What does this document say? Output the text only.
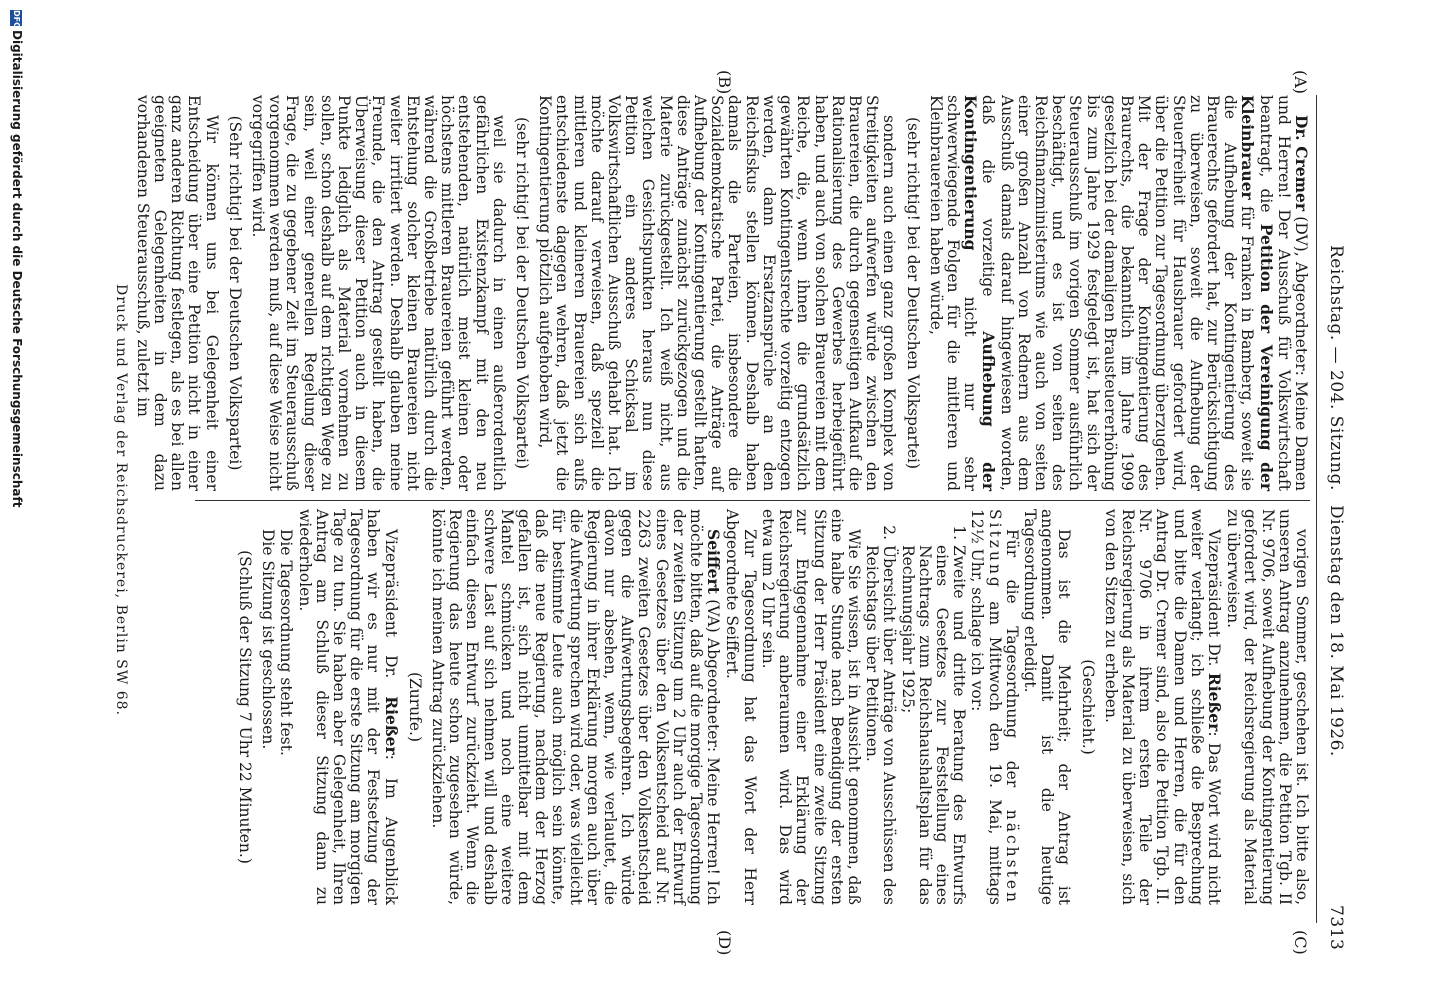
Reichstag. — 204. Sitzung.
Dienstag den 18. Mai 1926.
7313
(A)
(B)
(C)
(D)

Dr. Cremer (DV), Abgeordneter: Meine Damen und Herren! Der Ausschuß für Volkswirtschaft beantragt, die Petition der Vereinigung der Kleinbrauer für Franken in Bamberg, soweit sie die Aufhebung der Kontingentierung des Brauerechts gefordert hat, zur Berücksichtigung zu überweisen, soweit die Aufhebung der Steuerfreiheit für Hausbrauer gefordert wird, über die Petition zur Tagesordnung überzugehen. Mit der Frage der Kontingentierung des Braurechts, die bekanntlich im Jahre 1909 gesetzlich bei der damaligen Brausteuererhöhung bis zum Jahre 1929 festgelegt ist, hat sich der Steuerausschuß im vorigen Sommer ausführlich beschäftigt, und es ist von seiten des Reichsfinanzministeriums wie auch von seiten einer großen Anzahl von Rednern aus dem Ausschuß damals darauf hingewiesen worden, daß die vorzeitige Aufhebung der Kontingentierung nicht nur sehr schwerwiegende Folgen für die mittleren und Kleinbrauereien haben würde,

(sehr richtig! bei der Deutschen Volkspartei)

sondern auch einen ganz großen Komplex von Streitigkeiten aufwerfen würde zwischen den Brauereien, die durch gegenseitigen Aufkauf die Rationalisierung des Gewerbes herbeigeführt haben, und auch von solchen Brauereien mit dem Reiche, die, wenn ihnen die grundsätzlich gewährten Kontingentsrechte vorzeitig entzogen werden, dann Ersatzansprüche an den Reichsfiskus stellen können. Deshalb haben damals die Parteien, insbesondere die Sozialdemokratische Partei, die Anträge auf Aufhebung der Kontingentierung gestellt hatten, diese Anträge zunächst zurückgezogen und die Materie zurückgestellt. Ich weiß nicht, aus welchen Gesichtspunkten heraus nun diese Petition ein anderes Schicksal im Volkswirtschaftlichen Ausschuß gehabt hat. Ich möchte darauf verweisen, daß speziell die mittleren und kleineren Brauereien sich aufs entschiedenste dagegen wehren, daß jetzt die Kontingentierung plötzlich aufgehoben wird,

(sehr richtig! bei der Deutschen Volkspartei)

weil sie dadurch in einen außerordentlich gefährlichen Existenzkampf mit den neu entstehenden, natürlich meist kleinen oder höchstens mittleren Brauereien geführt werden, während die Großbetriebe natürlich durch die Entstehung solcher kleinen Brauereien nicht weiter irritiert werden. Deshalb glauben meine Freunde, die den Antrag gestellt haben, die Überweisung dieser Petition auch in diesem Punkte lediglich als Material vornehmen zu sollen, schon deshalb auf dem richtigen Wege zu sein, weil einer generellen Regelung dieser Frage, die zu gegebener Zeit im Steuerausschuß vorgenommen werden muß, auf diese Weise nicht vorgegriffen wird.

(Sehr richtig! bei der Deutschen Volkspartei)

Wir können uns bei Gelegenheit einer Entscheidung über eine Petition nicht in einer ganz anderen Richtung festlegen, als es bei allen geeigneten Gelegenheiten in dem dazu vorhandenen Steuerausschuß, zuletzt im

vorigen Sommer, geschehen ist. Ich bitte also, unseren Antrag anzunehmen, die Petition Tgb. II Nr. 9706, soweit Aufhebung der Kontingentierung gefordert wird, der Reichsregierung als Material zu überweisen.

Vizepräsident Dr. Rießer: Das Wort wird nicht weiter verlangt; ich schließe die Besprechung und bitte die Damen und Herren, die für den Antrag Dr. Cremer sind, also die Petition Tgb. II. Nr. 9706 in ihrem ersten Teile der Reichsregierung als Material zu überweisen, sich von den Sitzen zu erheben.

(Geschieht.)

Das ist die Mehrheit; der Antrag ist angenommen. Damit ist die heutige Tagesordnung erledigt.

Für die Tagesordnung der nächsten Sitzung am Mittwoch den 19. Mai, mittags 12½ Uhr, schlage ich vor:

1. Zweite und dritte Beratung des Entwurfs eines Gesetzes zur Feststellung eines Nachtrags zum Reichshaushaltsplan für das Rechnungsjahr 1925;
2. Übersicht über Anträge von Ausschüssen des Reichstags über Petitionen.

Wie Sie wissen, ist in Aussicht genommen, daß eine halbe Stunde nach Beendigung der ersten Sitzung der Herr Präsident eine zweite Sitzung zur Entgegennahme einer Erklärung der Reichsregierung anberaumen wird. Das wird etwa um 2 Uhr sein.

Zur Tagesordnung hat das Wort der Herr Abgeordnete Seiffert.

Seiffert (VA) Abgeordneter: Meine Herren! Ich möchte bitten, daß auf die morgige Tagesordnung der zweiten Sitzung um 2 Uhr auch der Entwurf eines Gesetzes über den Volksentscheid auf Nr. 2263 zweiten Gesetzes über den Volksentscheid gegen die Aufwertungsbegehren. Ich würde davon nur absehen, wenn, wie verlautet, die Regierung in ihrer Erklärung morgen auch über die Aufwertung sprechen wird oder, was vielleicht für bestimmte Leute auch möglich sein könnte, daß die neue Regierung, nachdem der Herzog gefallen ist, sich nicht unmittelbar mit dem Mantel schmücken und noch eine weitere schwere Last auf sich nehmen will und deshalb einfach diesen Entwurf zurückzieht. Wenn die Regierung das heute schon zugesehen würde, könnte ich meinen Antrag zurückziehen.

(Zurufe.)

Vizepräsident Dr. Rießer: Im Augenblick haben wir es nur mit der Festsetzung der Tagesordnung für die erste Sitzung am morgigen Tage zu tun. Sie haben aber Gelegenheit, Ihren Antrag am Schluß dieser Sitzung dann zu wiederholen.

Die Tagesordnung steht fest.

Die Sitzung ist geschlossen.

(Schluß der Sitzung 7 Uhr 22 Minuten.)

Druck und Verlag der Reichsdruckerei, Berlin SW 68.
DFGDigitalisierung gefördert durch die Deutsche Forschungsgemeinschaft
